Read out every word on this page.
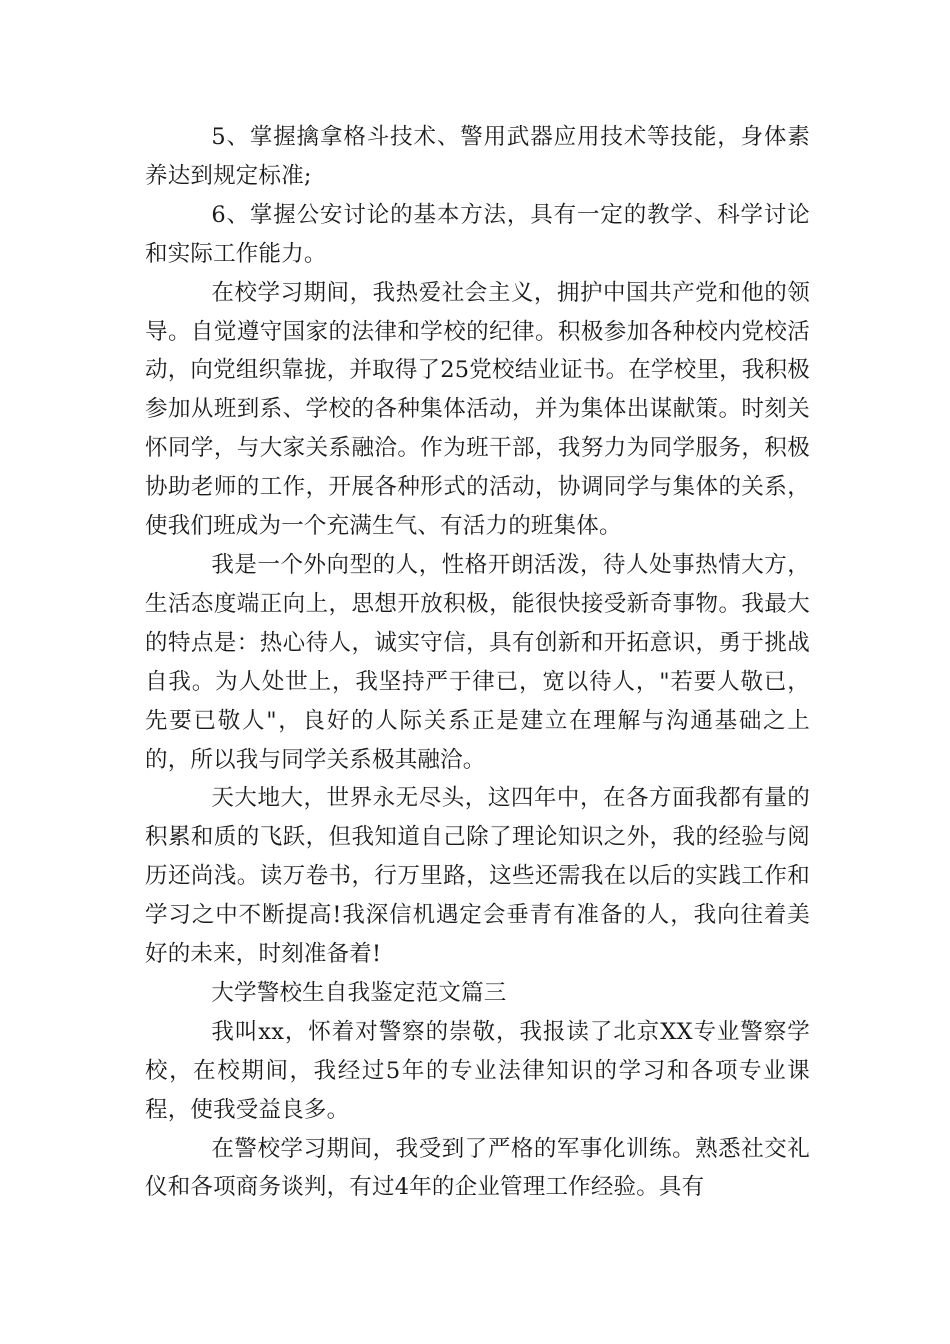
5、掌握擒拿格斗技术、警用武器应用技术等技能，身体素养达到规定标准;

6、掌握公安讨论的基本方法，具有一定的教学、科学讨论和实际工作能力。

在校学习期间，我热爱社会主义，拥护中国共产党和他的领导。自觉遵守国家的法律和学校的纪律。积极参加各种校内党校活动，向党组织靠拢，并取得了25党校结业证书。在学校里，我积极参加从班到系、学校的各种集体活动，并为集体出谋献策。时刻关怀同学，与大家关系融洽。作为班干部，我努力为同学服务，积极协助老师的工作，开展各种形式的活动，协调同学与集体的关系，使我们班成为一个充满生气、有活力的班集体。

我是一个外向型的人，性格开朗活泼，待人处事热情大方，生活态度端正向上，思想开放积极，能很快接受新奇事物。我最大的特点是：热心待人，诚实守信，具有创新和开拓意识，勇于挑战自我。为人处世上，我坚持严于律已，宽以待人，"若要人敬已，先要已敬人"，良好的人际关系正是建立在理解与沟通基础之上的，所以我与同学关系极其融洽。

天大地大，世界永无尽头，这四年中，在各方面我都有量的积累和质的飞跃，但我知道自己除了理论知识之外，我的经验与阅历还尚浅。读万卷书，行万里路，这些还需我在以后的实践工作和学习之中不断提高!我深信机遇定会垂青有准备的人，我向往着美好的未来，时刻准备着!

大学警校生自我鉴定范文篇三

我叫xx，怀着对警察的崇敬，我报读了北京XX专业警察学校，在校期间，我经过5年的专业法律知识的学习和各项专业课程，使我受益良多。

在警校学习期间，我受到了严格的军事化训练。熟悉社交礼仪和各项商务谈判，有过4年的企业管理工作经验。具有
